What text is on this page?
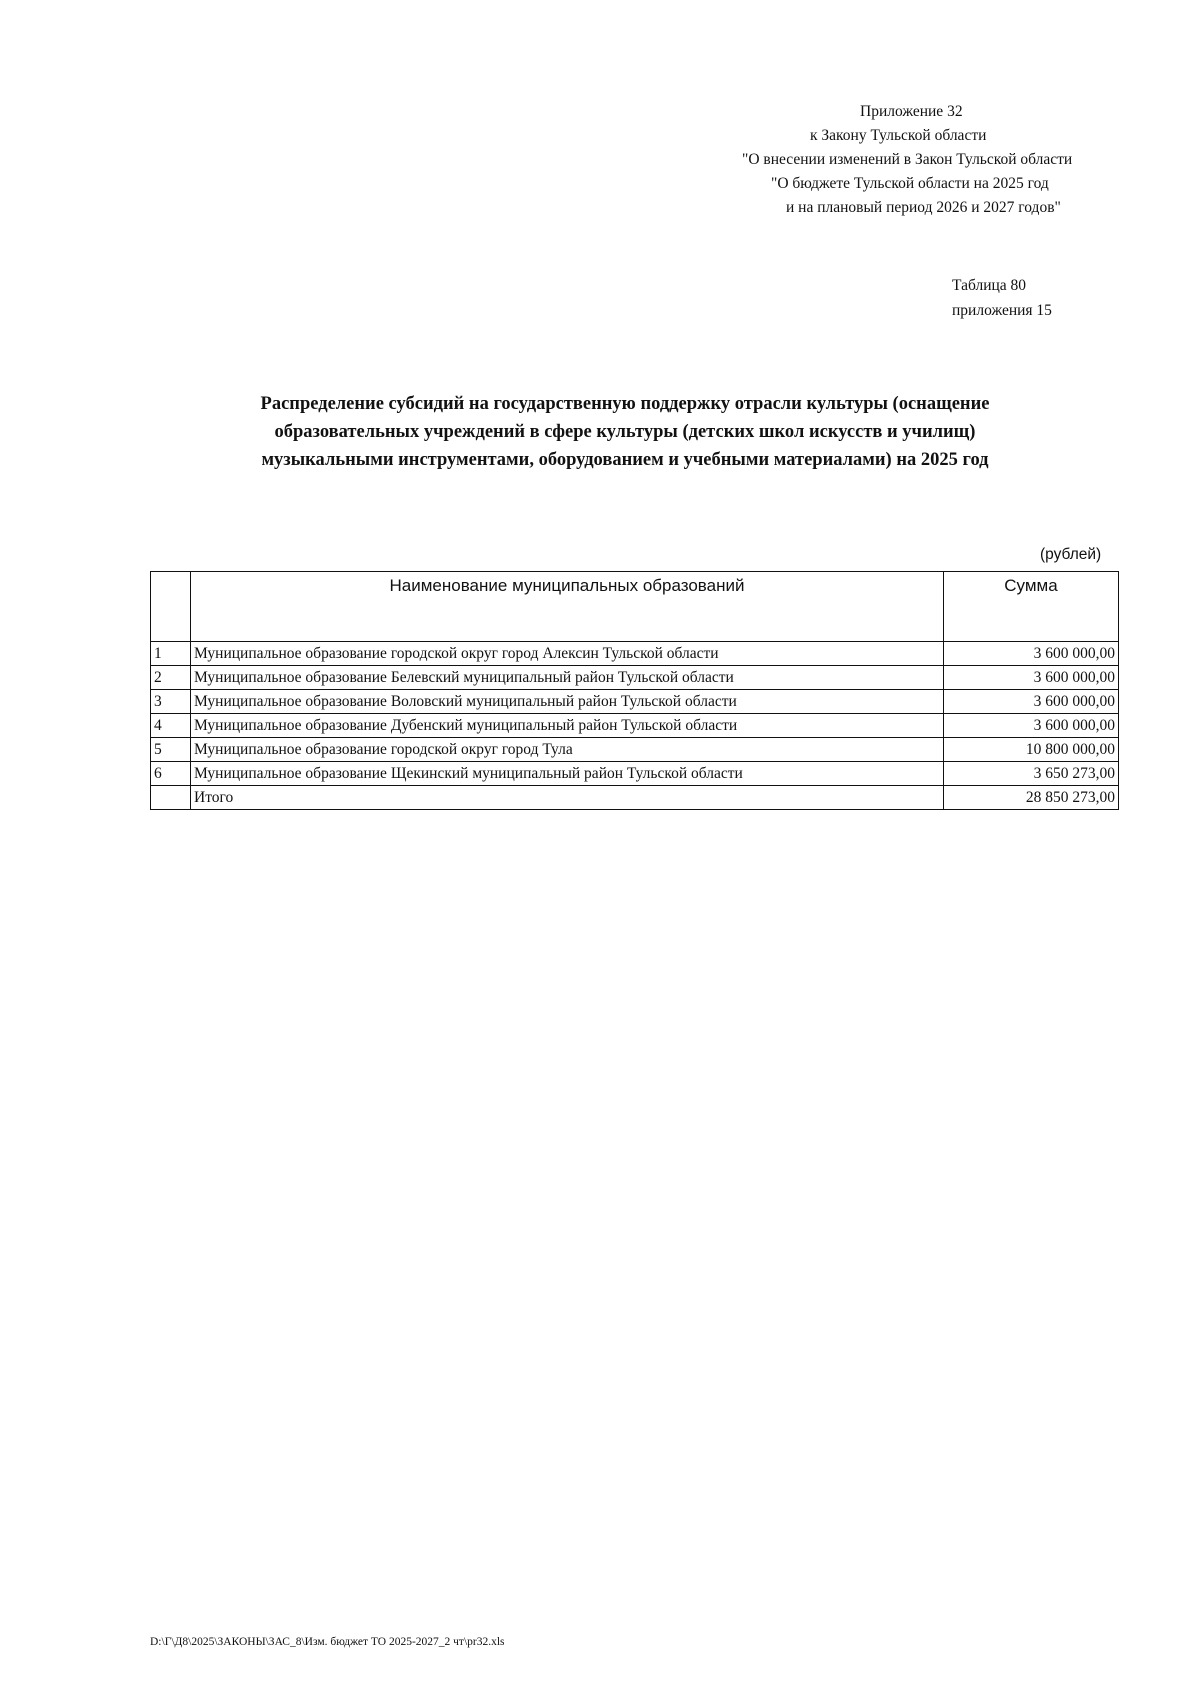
Приложение 32
к Закону Тульской области
"О внесении изменений в Закон Тульской области
"О бюджете Тульской области на 2025 год
и на плановый период 2026 и 2027 годов"
Таблица 80
приложения 15
Распределение субсидий на государственную поддержку отрасли культуры (оснащение
образовательных учреждений в сфере культуры (детских школ искусств и училищ)
музыкальными инструментами, оборудованием и учебными материалами) на 2025 год
(рублей)
	Наименование муниципальных образований	Сумма
1	Муниципальное образование городской округ город Алексин Тульской области	3 600 000,00
2	Муниципальное образование Белевский муниципальный район Тульской области	3 600 000,00
3	Муниципальное образование Воловский муниципальный район Тульской области	3 600 000,00
4	Муниципальное образование Дубенский муниципальный район Тульской области	3 600 000,00
5	Муниципальное образование городской округ город Тула	10 800 000,00
6	Муниципальное образование Щекинский муниципальный район Тульской области	3 650 273,00
	Итого	28 850 273,00
D:\Г\Д8\2025\ЗАКОНЫ\ЗАС_8\Изм. бюджет ТО 2025-2027_2 чт\pr32.xls
